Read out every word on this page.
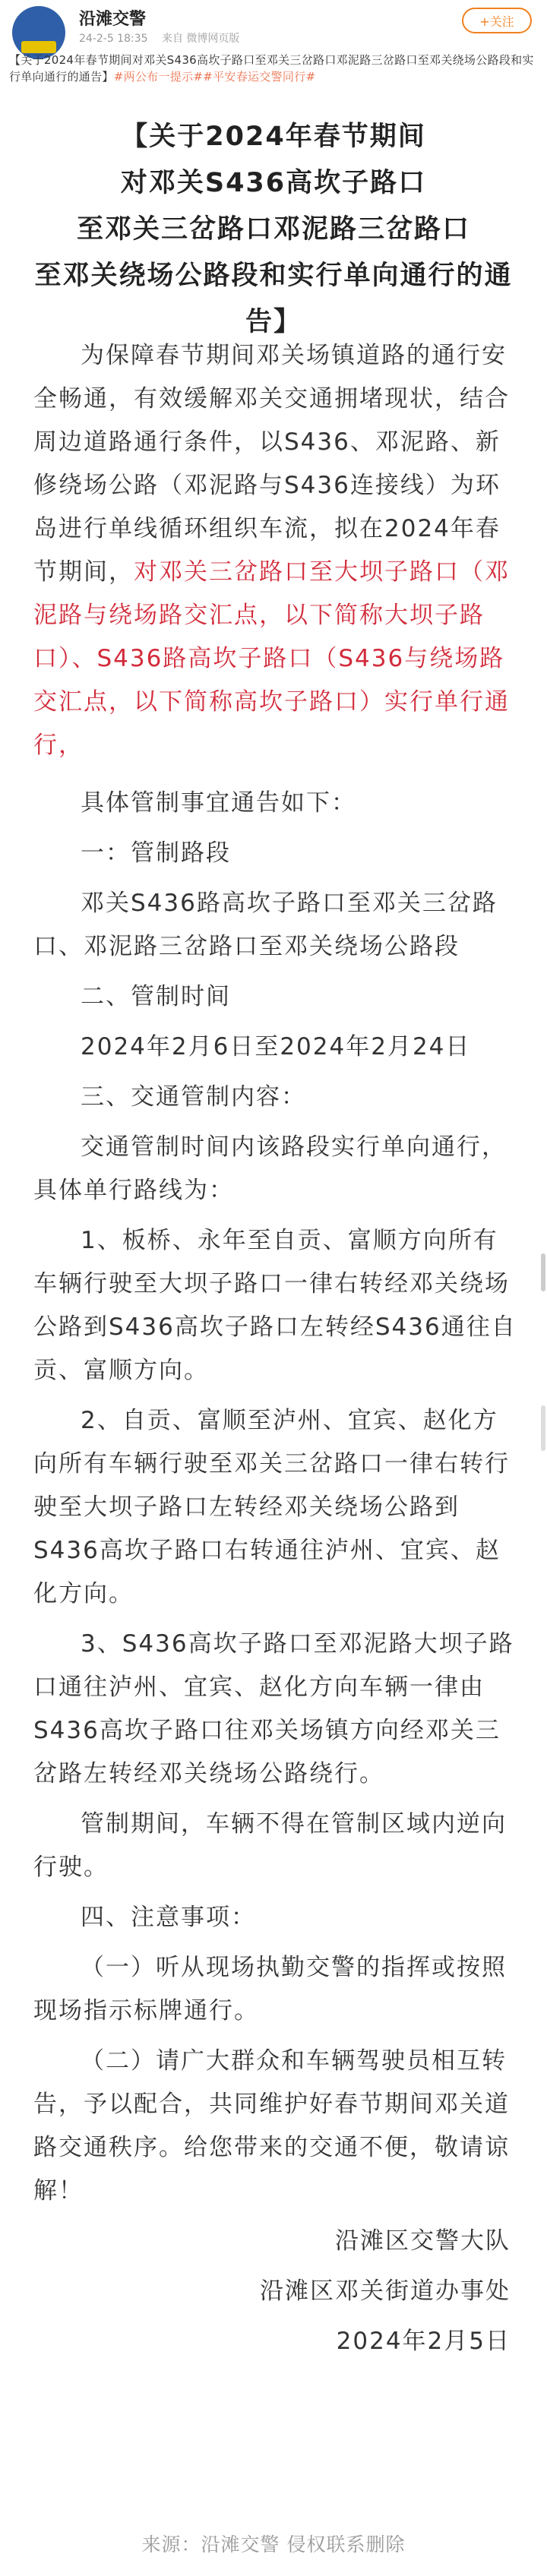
沿滩交警
24-2-5 18:35 来自 微博网页版
+关注
【关于2024年春节期间对邓关S436高坎子路口至邓关三岔路口邓泥路三岔路口至邓关绕场公路段和实行单向通行的通告】#两公布一提示##平安春运交警同行#
【关于2024年春节期间
对邓关S436高坎子路口
至邓关三岔路口邓泥路三岔路口
至邓关绕场公路段和实行单向通行的通
告】

为保障春节期间邓关场镇道路的通行安全畅通，有效缓解邓关交通拥堵现状，结合周边道路通行条件，以S436、邓泥路、新修绕场公路（邓泥路与S436连接线）为环岛进行单线循环组织车流，拟在2024年春节期间，对邓关三岔路口至大坝子路口（邓泥路与绕场路交汇点，以下简称大坝子路口）、S436路高坎子路口（S436与绕场路交汇点，以下简称高坎子路口）实行单行通行，

具体管制事宜通告如下：

一：管制路段

邓关S436路高坎子路口至邓关三岔路口、邓泥路三岔路口至邓关绕场公路段

二、管制时间

2024年2月6日至2024年2月24日

三、交通管制内容：

交通管制时间内该路段实行单向通行，具体单行路线为：

1、板桥、永年至自贡、富顺方向所有车辆行驶至大坝子路口一律右转经邓关绕场公路到S436高坎子路口左转经S436通往自贡、富顺方向。

2、自贡、富顺至泸州、宜宾、赵化方向所有车辆行驶至邓关三岔路口一律右转行驶至大坝子路口左转经邓关绕场公路到S436高坎子路口右转通往泸州、宜宾、赵化方向。

3、S436高坎子路口至邓泥路大坝子路口通往泸州、宜宾、赵化方向车辆一律由S436高坎子路口往邓关场镇方向经邓关三岔路左转经邓关绕场公路绕行。

管制期间，车辆不得在管制区域内逆向行驶。

四、注意事项：

（一）听从现场执勤交警的指挥或按照现场指示标牌通行。

（二）请广大群众和车辆驾驶员相互转告，予以配合，共同维护好春节期间邓关道路交通秩序。给您带来的交通不便，敬请谅解！

沿滩区交警大队

沿滩区邓关街道办事处

2024年2月5日

来源：沿滩交警 侵权联系删除
